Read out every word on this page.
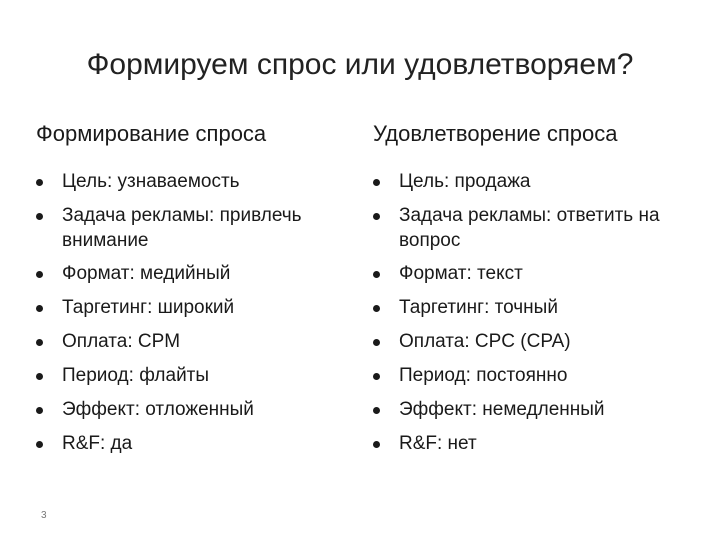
Формируем спрос или удовлетворяем?
Формирование спроса
Цель: узнаваемость
Задача рекламы: привлечь
внимание
Формат: медийный
Таргетинг: широкий
Оплата: CPM
Период: флайты
Эффект: отложенный
R&F: да
Удовлетворение спроса
Цель: продажа
Задача рекламы: ответить на
вопрос
Формат: текст
Таргетинг: точный
Оплата: CPC (CPA)
Период: постоянно
Эффект: немедленный
R&F: нет
3
